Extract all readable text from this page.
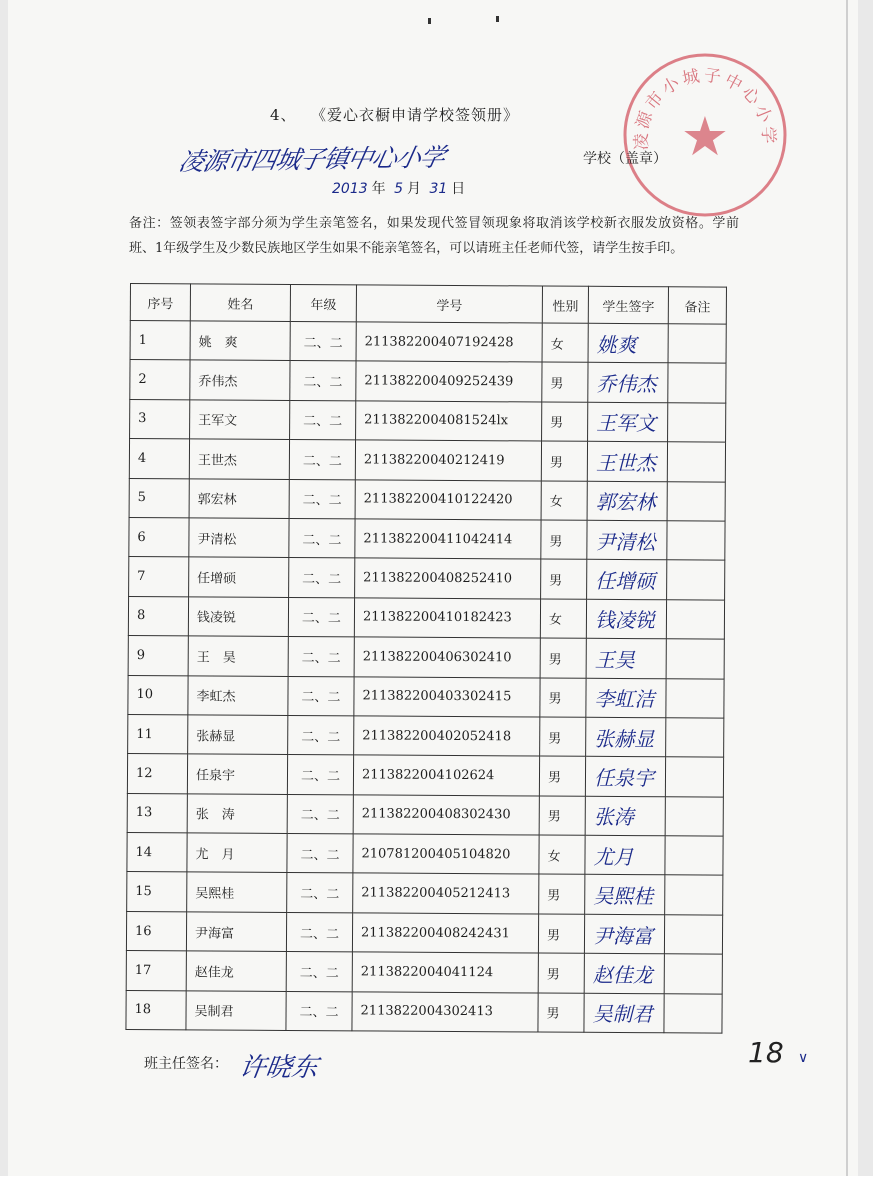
凌源市小城子中心小学
★
4、 《爱心衣橱申请学校签领册》
凌源市四城子镇中心小学	学校（盖章）
2013 年 5 月 31 日
备注：签领表签字部分须为学生亲笔签名，如果发现代签冒领现象将取消该学校新衣服发放资格。学前班、1年级学生及少数民族地区学生如果不能亲笔签名，可以请班主任老师代签，请学生按手印。
序号	姓名	年级	学号	性别	学生签字	备注
1	姚　爽	二、二	211382200407192428	女	姚爽	
2	乔伟杰	二、二	211382200409252439	男	乔伟杰	
3	王军文	二、二	2113822004081524lx	男	王军文	
4	王世杰	二、二	21138220040212419	男	王世杰	
5	郭宏林	二、二	211382200410122420	女	郭宏林	
6	尹清松	二、二	211382200411042414	男	尹清松	
7	任增硕	二、二	211382200408252410	男	任增硕	
8	钱凌锐	二、二	211382200410182423	女	钱凌锐	
9	王　昊	二、二	211382200406302410	男	王昊	
10	李虹杰	二、二	211382200403302415	男	李虹洁	
11	张赫显	二、二	211382200402052418	男	张赫显	
12	任泉宇	二、二	2113822004102624	男	任泉宇	
13	张　涛	二、二	211382200408302430	男	张涛	
14	尤　月	二、二	210781200405104820	女	尤月	
15	吴熙桂	二、二	211382200405212413	男	吴熙桂	
16	尹海富	二、二	211382200408242431	男	尹海富	
17	赵佳龙	二、二	2113822004041124	男	赵佳龙	
18	吴制君	二、二	2113822004302413	男	吴制君	
班主任签名： 许晓东	18 ∨
